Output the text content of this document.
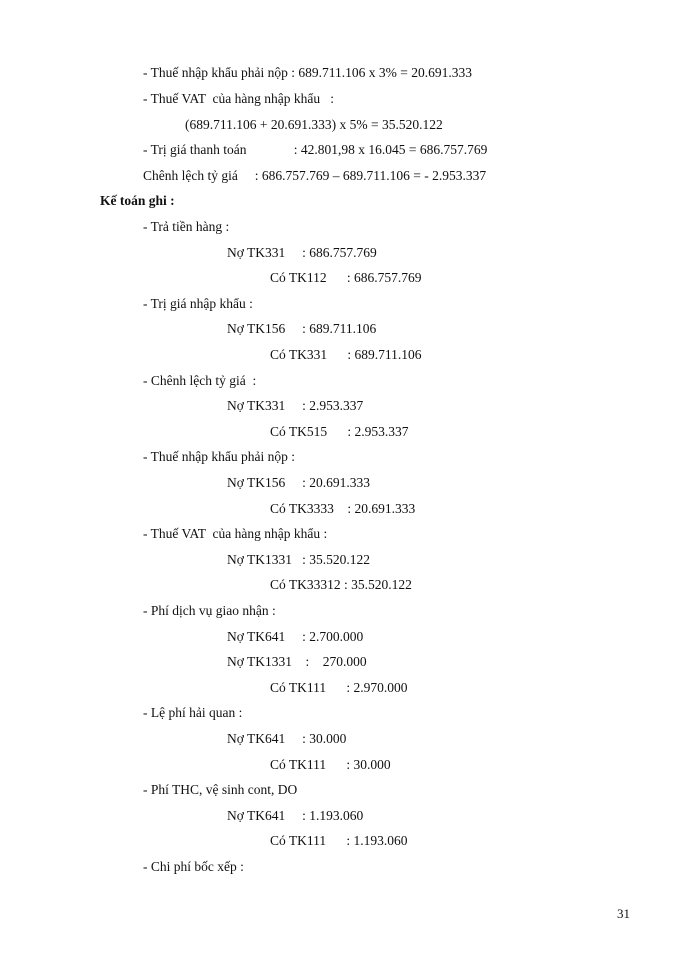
- Thuế nhập khẩu phải nộp : 689.711.106 x 3% = 20.691.333
- Thuế VAT  của hàng nhập khẩu   :
(689.711.106 + 20.691.333) x 5% = 35.520.122
- Trị giá thanh toán              : 42.801,98 x 16.045 = 686.757.769
Chênh lệch tỷ giá     : 686.757.769 – 689.711.106 = - 2.953.337
Kế toán ghi :
- Trả tiền hàng :
Nợ TK331     : 686.757.769
Có TK112      : 686.757.769
- Trị giá nhập khẩu :
Nợ TK156     : 689.711.106
Có TK331      : 689.711.106
- Chênh lệch tỷ giá  :
Nợ TK331     : 2.953.337
Có TK515      : 2.953.337
- Thuế nhập khẩu phải nộp :
Nợ TK156     : 20.691.333
Có TK3333    : 20.691.333
- Thuế VAT  của hàng nhập khẩu :
Nợ TK1331   : 35.520.122
Có TK33312 : 35.520.122
- Phí dịch vụ giao nhận :
Nợ TK641     : 2.700.000
Nợ TK1331    :    270.000
Có TK111      : 2.970.000
- Lệ phí hải quan :
Nợ TK641     : 30.000
Có TK111      : 30.000
- Phí THC, vệ sinh cont, DO
Nợ TK641     : 1.193.060
Có TK111      : 1.193.060
- Chi phí bốc xếp :
31
